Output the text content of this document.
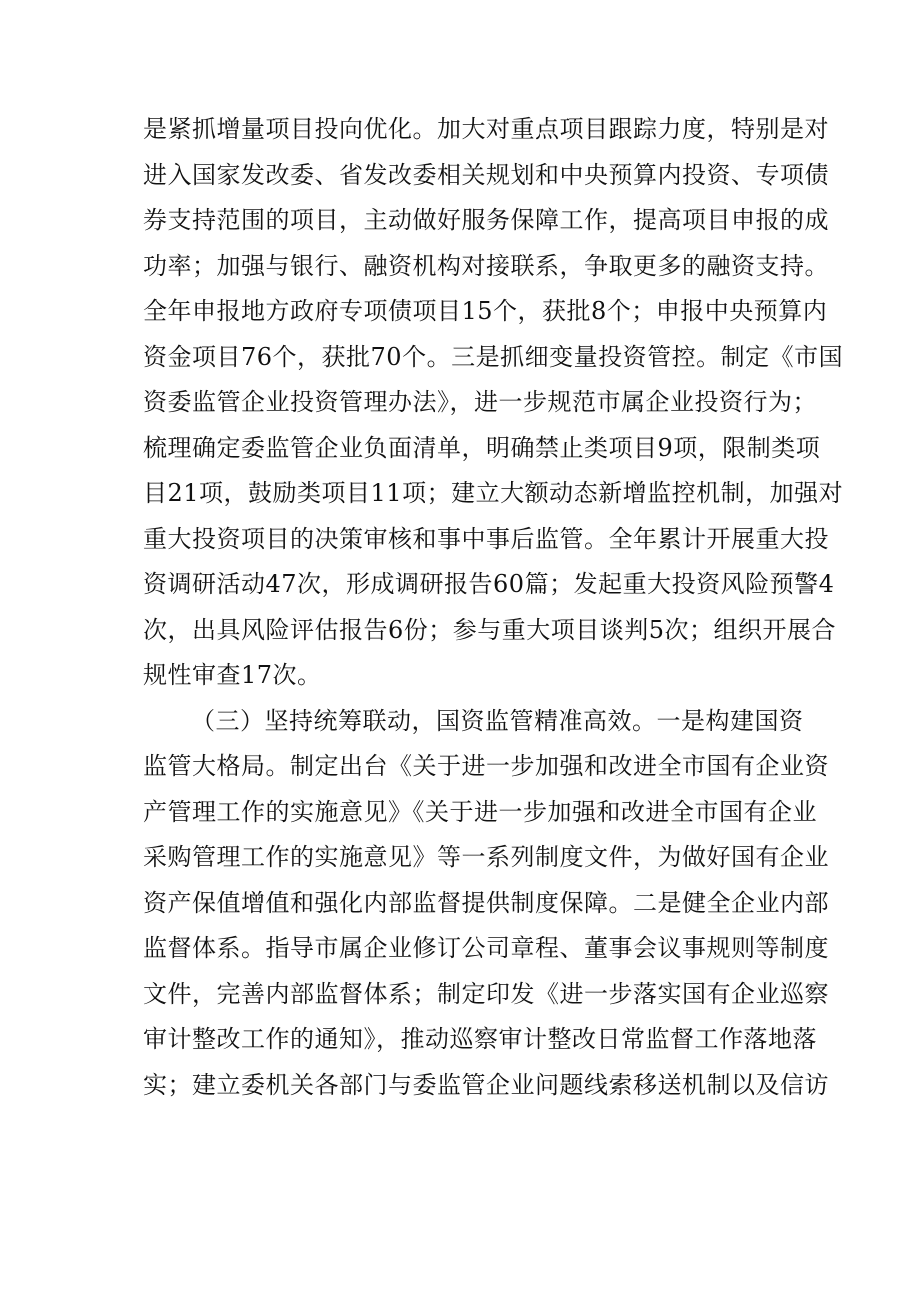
是紧抓增量项目投向优化。加大对重点项目跟踪力度，特别是对
进入国家发改委、省发改委相关规划和中央预算内投资、专项债
券支持范围的项目，主动做好服务保障工作，提高项目申报的成
功率；加强与银行、融资机构对接联系，争取更多的融资支持。
全年申报地方政府专项债项目15个，获批8个；申报中央预算内
资金项目76个，获批70个。三是抓细变量投资管控。制定《市国
资委监管企业投资管理办法》，进一步规范市属企业投资行为；
梳理确定委监管企业负面清单，明确禁止类项目9项，限制类项
目21项，鼓励类项目11项；建立大额动态新增监控机制，加强对
重大投资项目的决策审核和事中事后监管。全年累计开展重大投
资调研活动47次，形成调研报告60篇；发起重大投资风险预警4
次，出具风险评估报告6份；参与重大项目谈判5次；组织开展合
规性审查17次。
（三）坚持统筹联动，国资监管精准高效。一是构建国资
监管大格局。制定出台《关于进一步加强和改进全市国有企业资
产管理工作的实施意见》《关于进一步加强和改进全市国有企业
采购管理工作的实施意见》等一系列制度文件，为做好国有企业
资产保值增值和强化内部监督提供制度保障。二是健全企业内部
监督体系。指导市属企业修订公司章程、董事会议事规则等制度
文件，完善内部监督体系；制定印发《进一步落实国有企业巡察
审计整改工作的通知》，推动巡察审计整改日常监督工作落地落
实；建立委机关各部门与委监管企业问题线索移送机制以及信访
